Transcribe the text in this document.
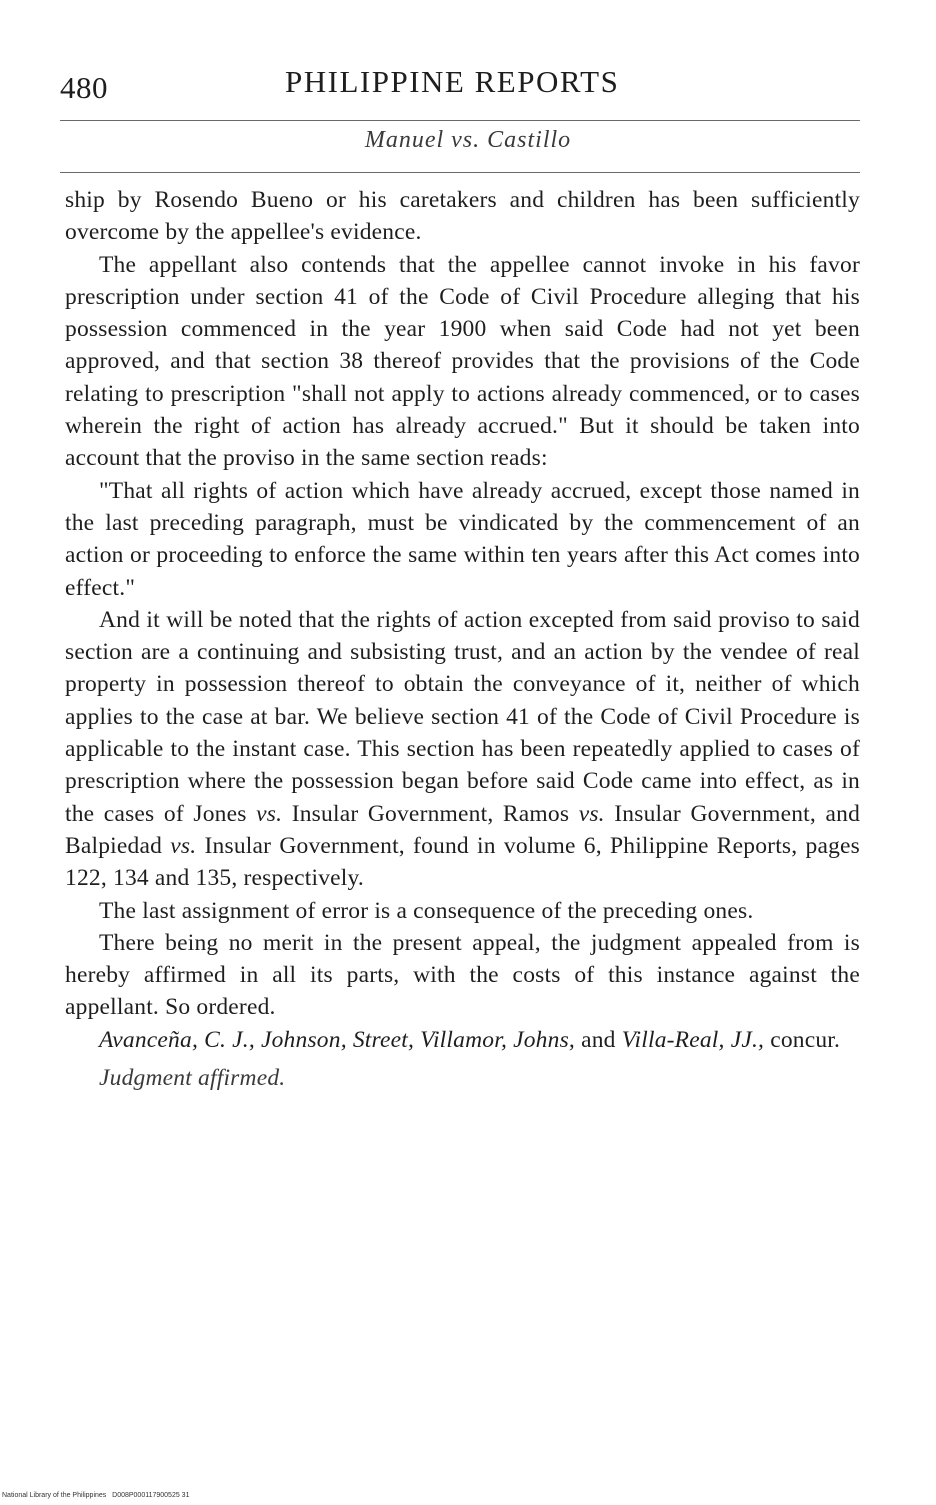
480	PHILIPPINE REPORTS
Manuel vs. Castillo

ship by Rosendo Bueno or his caretakers and children has been sufficiently overcome by the appellee's evidence.

The appellant also contends that the appellee cannot invoke in his favor prescription under section 41 of the Code of Civil Procedure alleging that his possession commenced in the year 1900 when said Code had not yet been approved, and that section 38 thereof provides that the provisions of the Code relating to prescription "shall not apply to actions already commenced, or to cases wherein the right of action has already accrued." But it should be taken into account that the proviso in the same section reads:

"That all rights of action which have already accrued, except those named in the last preceding paragraph, must be vindicated by the commencement of an action or proceeding to enforce the same within ten years after this Act comes into effect."

And it will be noted that the rights of action excepted from said proviso to said section are a continuing and subsisting trust, and an action by the vendee of real property in possession thereof to obtain the conveyance of it, neither of which applies to the case at bar. We believe section 41 of the Code of Civil Procedure is applicable to the instant case. This section has been repeatedly applied to cases of prescription where the possession began before said Code came into effect, as in the cases of Jones vs. Insular Government, Ramos vs. Insular Government, and Balpiedad vs. Insular Government, found in volume 6, Philippine Reports, pages 122, 134 and 135, respectively.

The last assignment of error is a consequence of the preceding ones.

There being no merit in the present appeal, the judgment appealed from is hereby affirmed in all its parts, with the costs of this instance against the appellant. So ordered.

Avanceña, C. J., Johnson, Street, Villamor, Johns, and Villa-Real, JJ., concur.

Judgment affirmed.

National Library of the Philippines D008P000117900525 31
